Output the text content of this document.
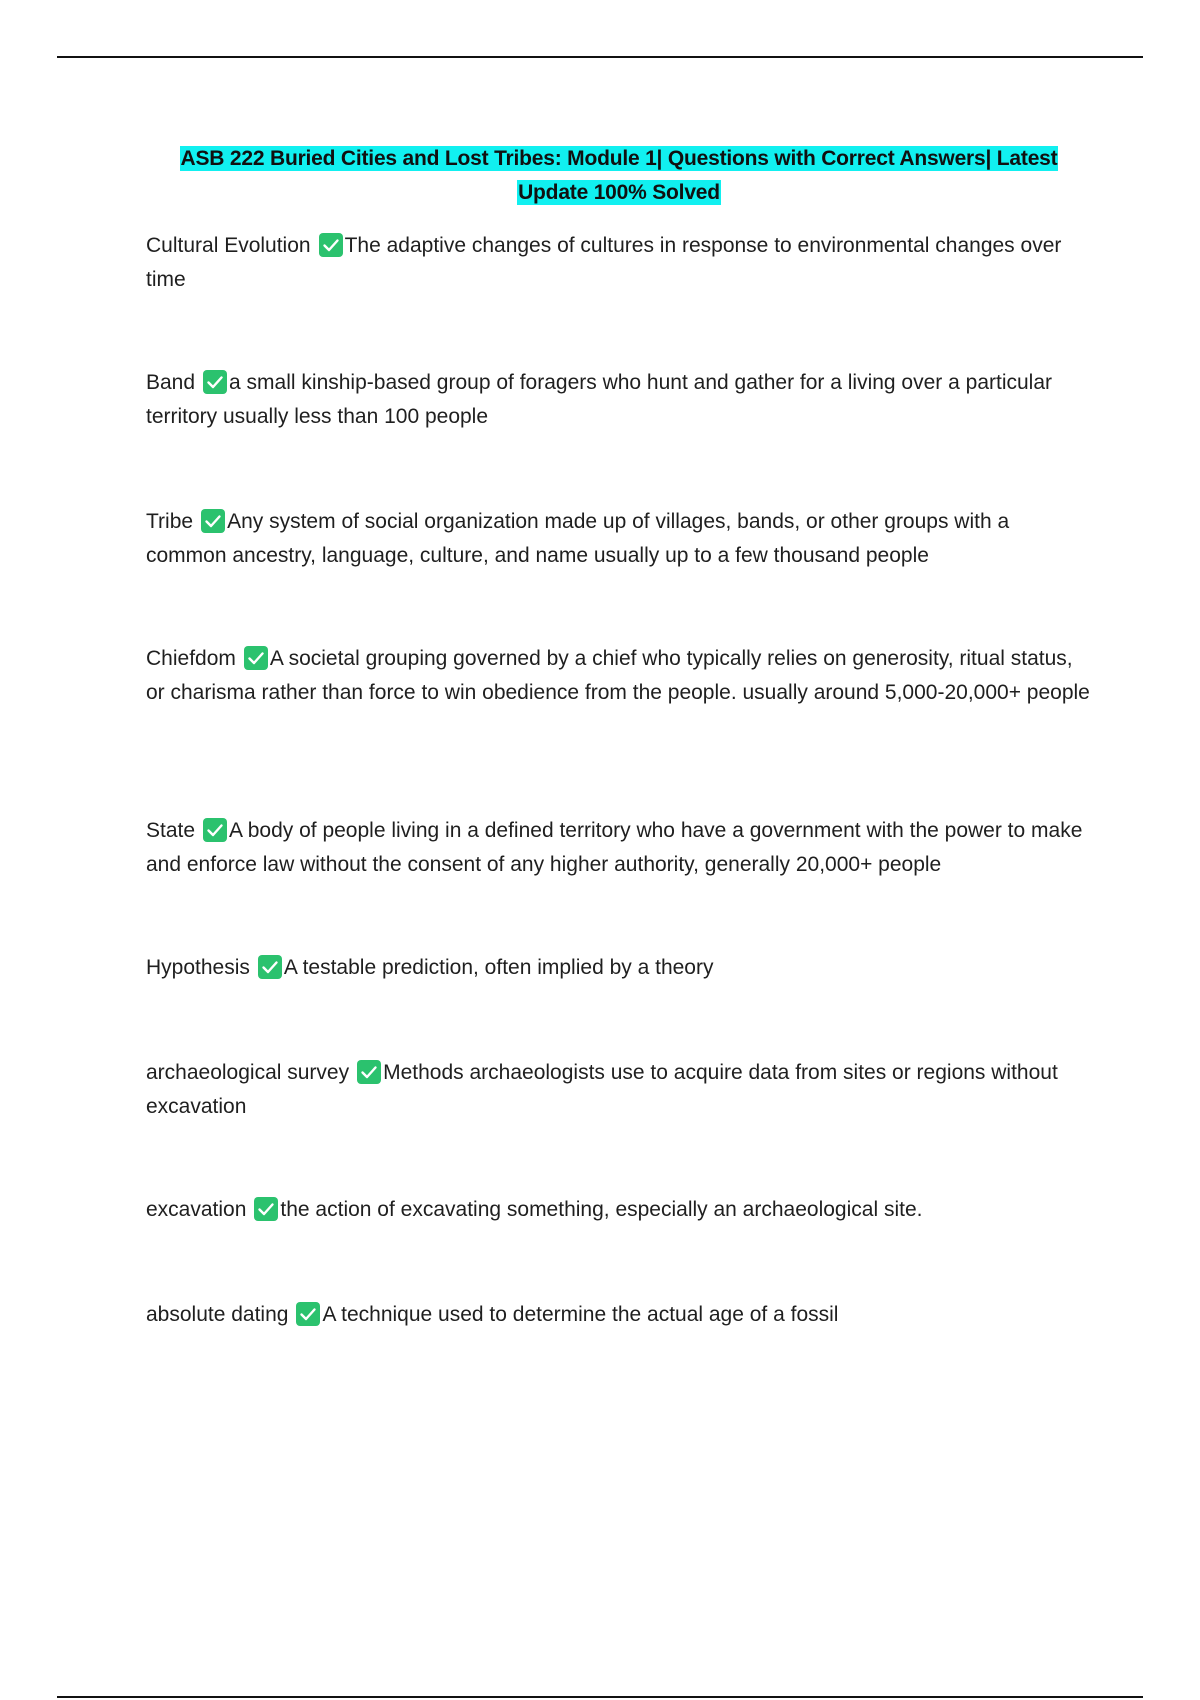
ASB 222 Buried Cities and Lost Tribes: Module 1| Questions with Correct Answers| Latest
Update 100% Solved

Cultural Evolution The adaptive changes of cultures in response to environmental changes over time

Band a small kinship-based group of foragers who hunt and gather for a living over a particular territory usually less than 100 people

Tribe Any system of social organization made up of villages, bands, or other groups with a common ancestry, language, culture, and name usually up to a few thousand people

Chiefdom A societal grouping governed by a chief who typically relies on generosity, ritual status, or charisma rather than force to win obedience from the people. usually around 5,000-20,000+ people

State A body of people living in a defined territory who have a government with the power to make and enforce law without the consent of any higher authority, generally 20,000+ people

Hypothesis A testable prediction, often implied by a theory

archaeological survey Methods archaeologists use to acquire data from sites or regions without excavation

excavation the action of excavating something, especially an archaeological site.

absolute dating A technique used to determine the actual age of a fossil
